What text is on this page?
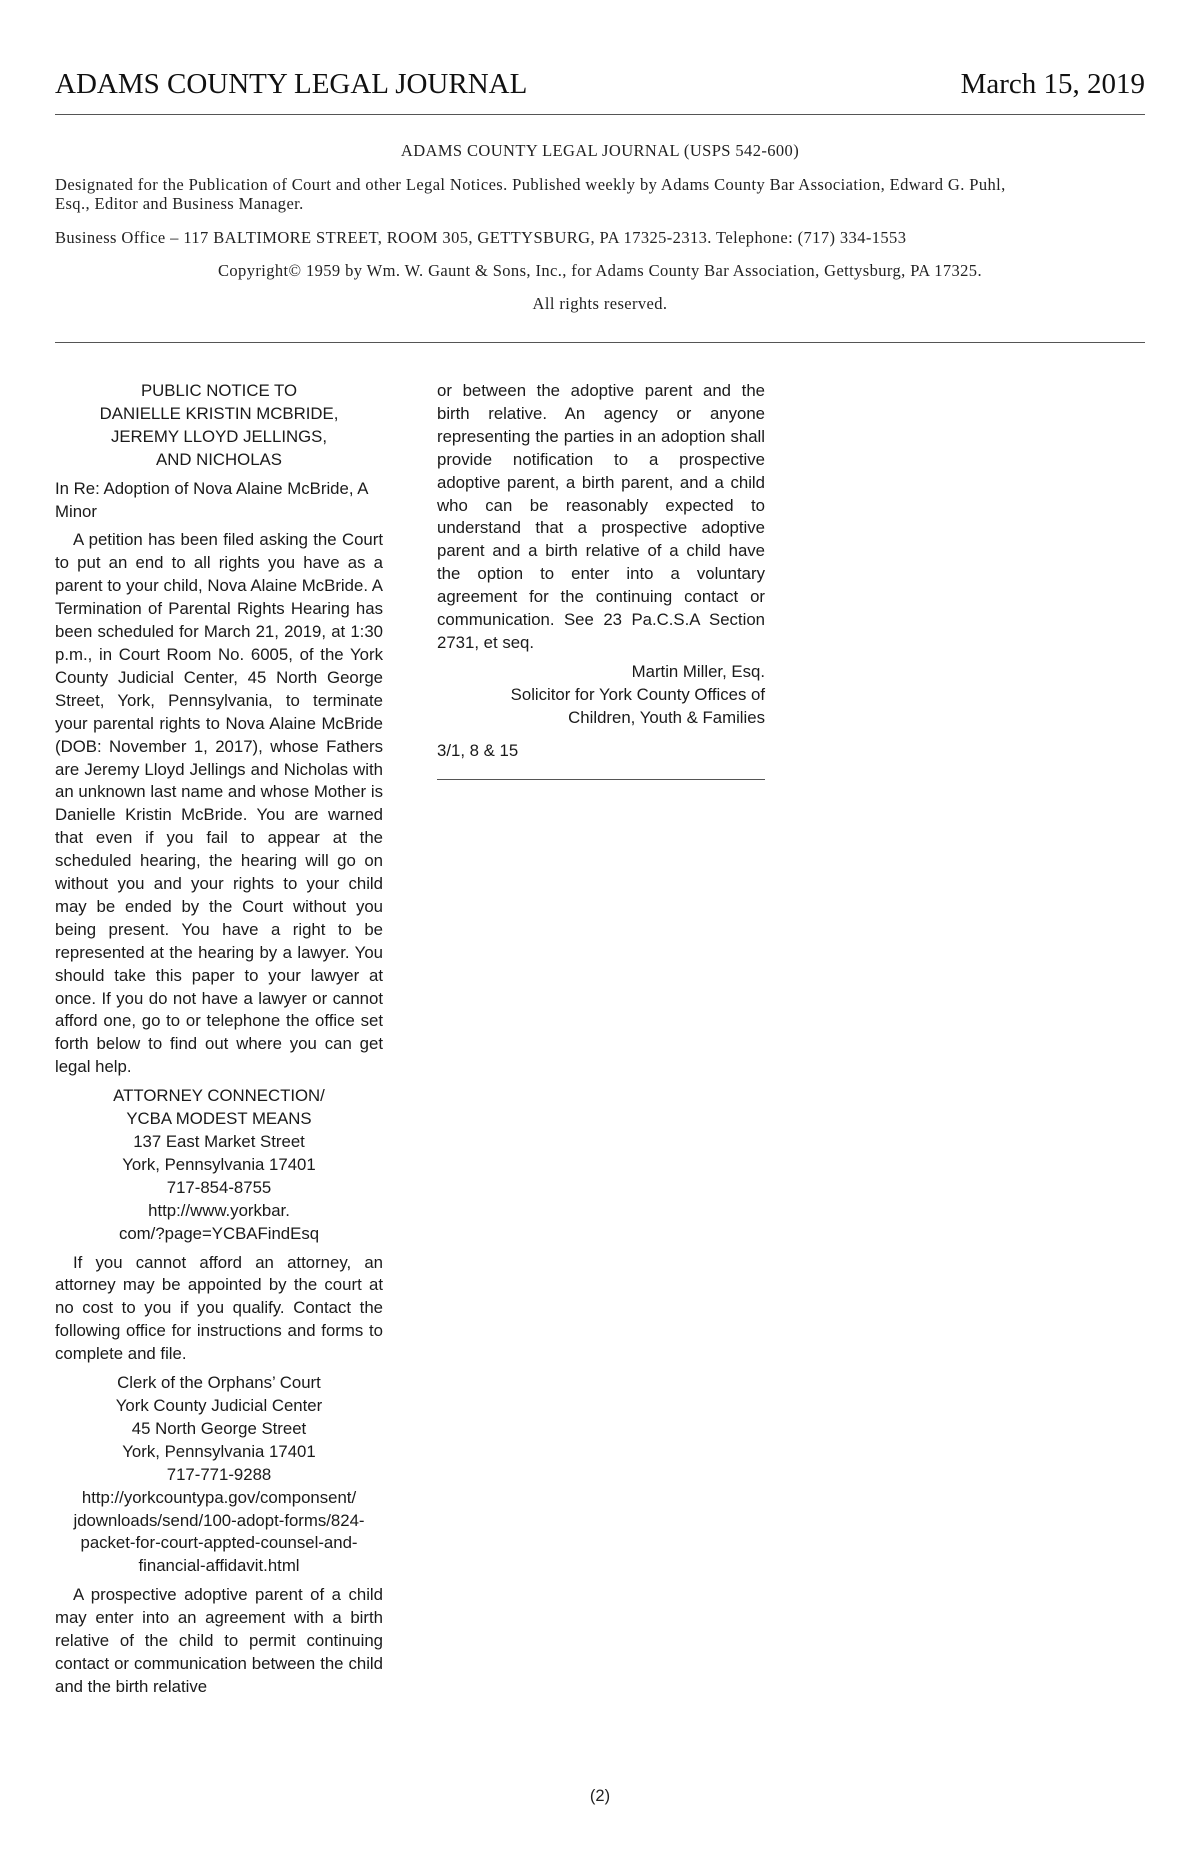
ADAMS COUNTY LEGAL JOURNAL	March 15, 2019
ADAMS COUNTY LEGAL JOURNAL (USPS 542-600)
Designated for the Publication of Court and other Legal Notices. Published weekly by Adams County Bar Association, Edward G. Puhl, Esq., Editor and Business Manager.
Business Office – 117 BALTIMORE STREET, ROOM 305, GETTYSBURG, PA 17325-2313. Telephone: (717) 334-1553
Copyright© 1959 by Wm. W. Gaunt & Sons, Inc., for Adams County Bar Association, Gettysburg, PA 17325.
All rights reserved.
PUBLIC NOTICE TO
DANIELLE KRISTIN MCBRIDE,
JEREMY LLOYD JELLINGS,
AND NICHOLAS
In Re: Adoption of Nova Alaine McBride, A Minor
A petition has been filed asking the Court to put an end to all rights you have as a parent to your child, Nova Alaine McBride. A Termination of Parental Rights Hearing has been scheduled for March 21, 2019, at 1:30 p.m., in Court Room No. 6005, of the York County Judicial Center, 45 North George Street, York, Pennsylvania, to terminate your parental rights to Nova Alaine McBride (DOB: November 1, 2017), whose Fathers are Jeremy Lloyd Jellings and Nicholas with an unknown last name and whose Mother is Danielle Kristin McBride. You are warned that even if you fail to appear at the scheduled hearing, the hearing will go on without you and your rights to your child may be ended by the Court without you being present. You have a right to be represented at the hearing by a lawyer. You should take this paper to your lawyer at once. If you do not have a lawyer or cannot afford one, go to or telephone the office set forth below to find out where you can get legal help.
ATTORNEY CONNECTION/
YCBA MODEST MEANS
137 East Market Street
York, Pennsylvania 17401
717-854-8755
http://www.yorkbar.
com/?page=YCBAFindEsq
If you cannot afford an attorney, an attorney may be appointed by the court at no cost to you if you qualify. Contact the following office for instructions and forms to complete and file.
Clerk of the Orphans’ Court
York County Judicial Center
45 North George Street
York, Pennsylvania 17401
717-771-9288
http://yorkcountypa.gov/componsent/
jdownloads/send/100-adopt-forms/824-
packet-for-court-appted-counsel-and-
financial-affidavit.html
A prospective adoptive parent of a child may enter into an agreement with a birth relative of the child to permit continuing contact or communication between the child and the birth relative
or between the adoptive parent and the birth relative. An agency or anyone representing the parties in an adoption shall provide notification to a prospective adoptive parent, a birth parent, and a child who can be reasonably expected to understand that a prospective adoptive parent and a birth relative of a child have the option to enter into a voluntary agreement for the continuing contact or communication. See 23 Pa.C.S.A Section 2731, et seq.
Martin Miller, Esq.
Solicitor for York County Offices of
Children, Youth & Families
3/1, 8 & 15
(2)
